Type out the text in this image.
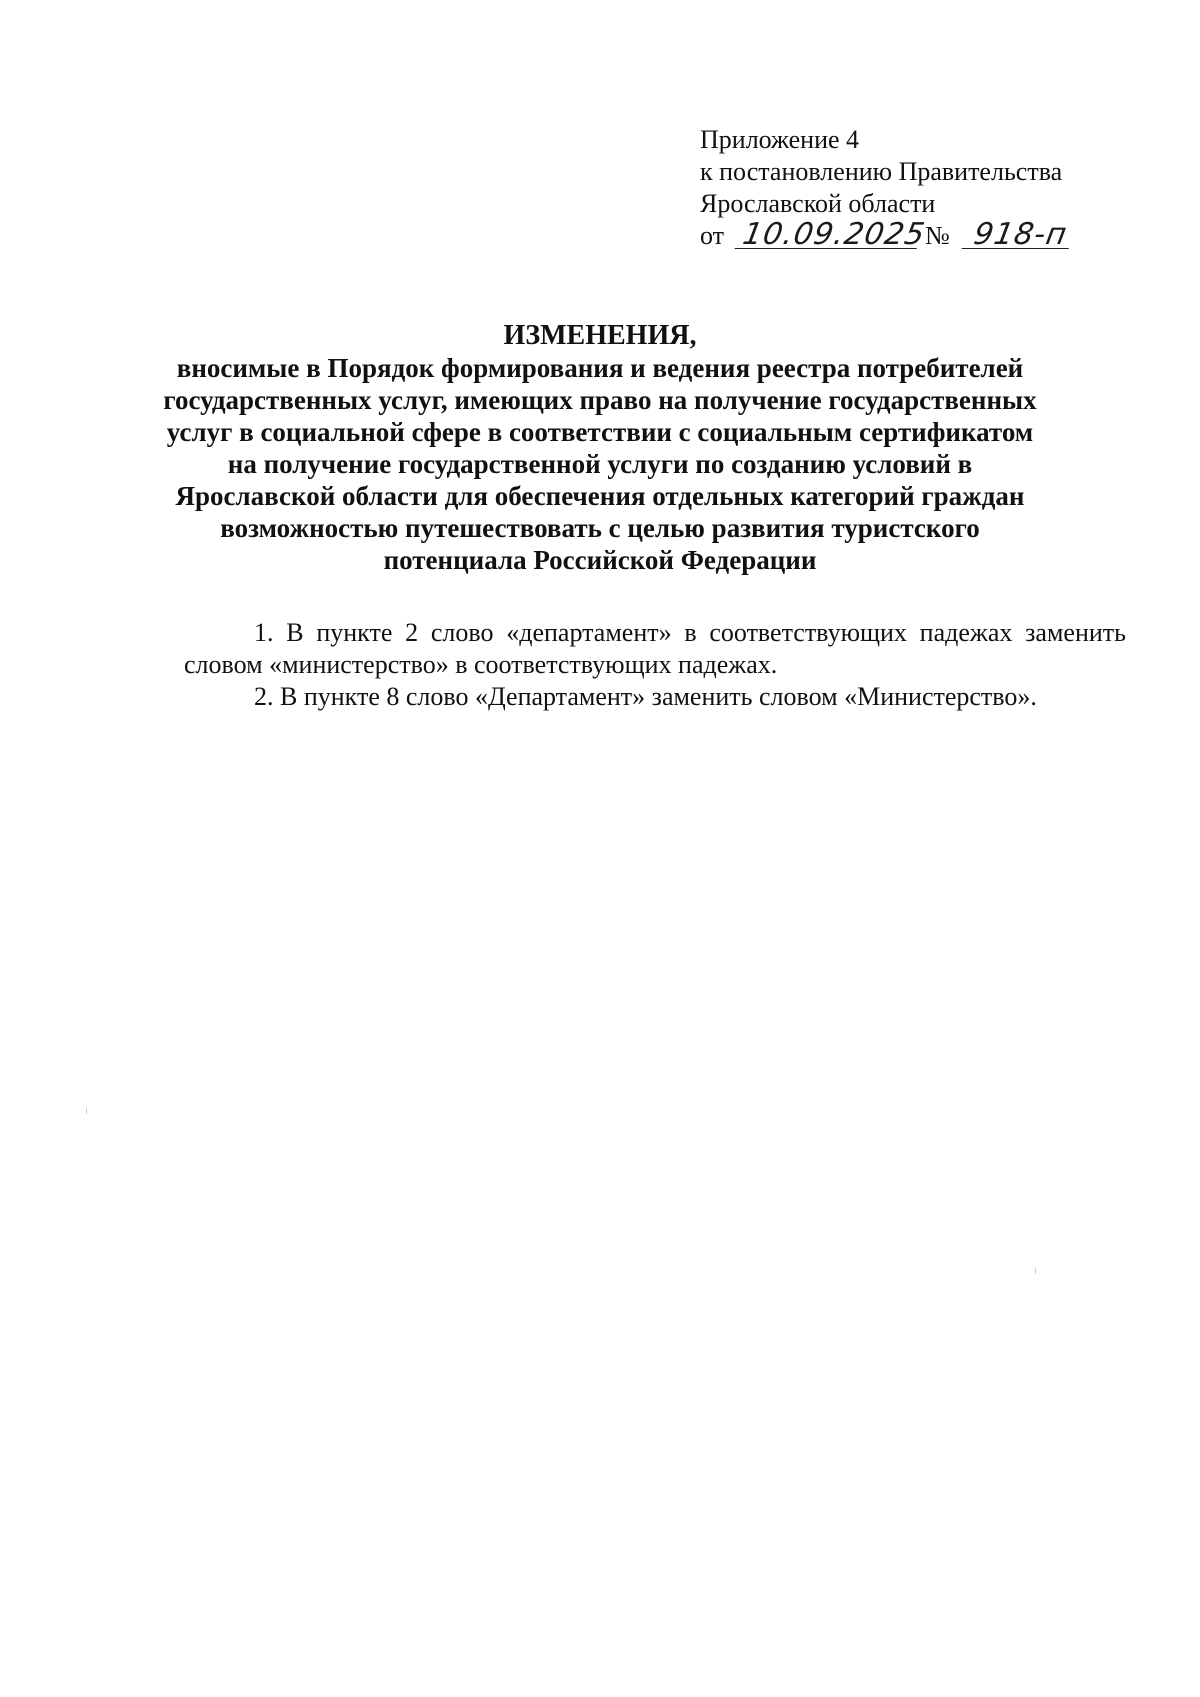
Приложение 4
к постановлению Правительства
Ярославской области
от 10.09.2025 № 918-п
ИЗМЕНЕНИЯ,
вносимые в Порядок формирования и ведения реестра потребителей
государственных услуг, имеющих право на получение государственных
услуг в социальной сфере в соответствии с социальным сертификатом
на получение государственной услуги по созданию условий в
Ярославской области для обеспечения отдельных категорий граждан
возможностью путешествовать с целью развития туристского
потенциала Российской Федерации

1. В пункте 2 слово «департамент» в соответствующих падежах заменить словом «министерство» в соответствующих падежах.

2. В пункте 8 слово «Департамент» заменить словом «Министерство».
